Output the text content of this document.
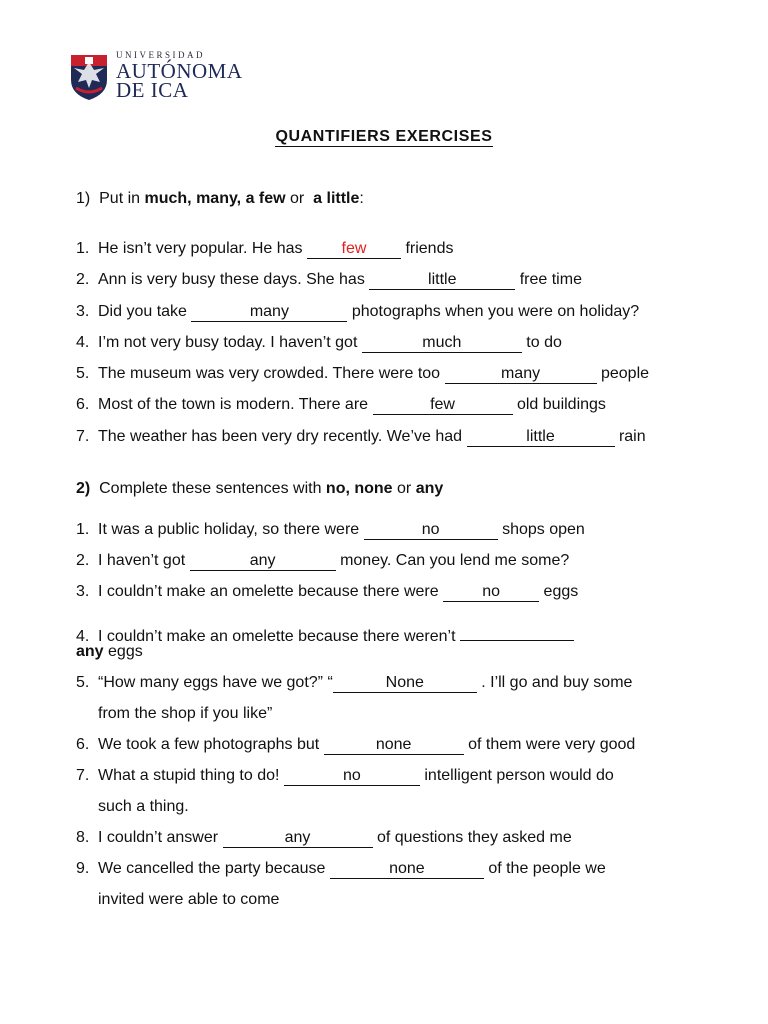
UNIVERSIDAD
AUTÓNOMA
DE ICA
QUANTIFIERS EXERCISES
1) Put in much, many, a few or a little:
1. He isn’t very popular. He has few friends
2. Ann is very busy these days. She has	little	free time
3. Did you take	many	photographs when you were on holiday?
4. I’m not very busy today. I haven’t got	much	to do
5. The museum was very crowded. There were too	many	people
6. Most of the town is modern. There are	few	old buildings
7. The weather has been very dry recently. We’ve had	little	rain
2) Complete these sentences with no, none or any
1. It was a public holiday, so there were	no	shops open
2. I haven’t got	any	money. Can you lend me some?
3. I couldn’t make an omelette because there were	no	eggs
4. I couldn’t make an omelette because there weren’t
any eggs
5. “How many eggs have we got?” “	None	. I’ll go and buy some
from the shop if you like”
6. We took a few photographs but	none	of them were very good
7. What a stupid thing to do!	no	intelligent person would do
such a thing.
8. I couldn’t answer	any	of questions they asked me
9. We cancelled the party because	none	of the people we
invited were able to come
